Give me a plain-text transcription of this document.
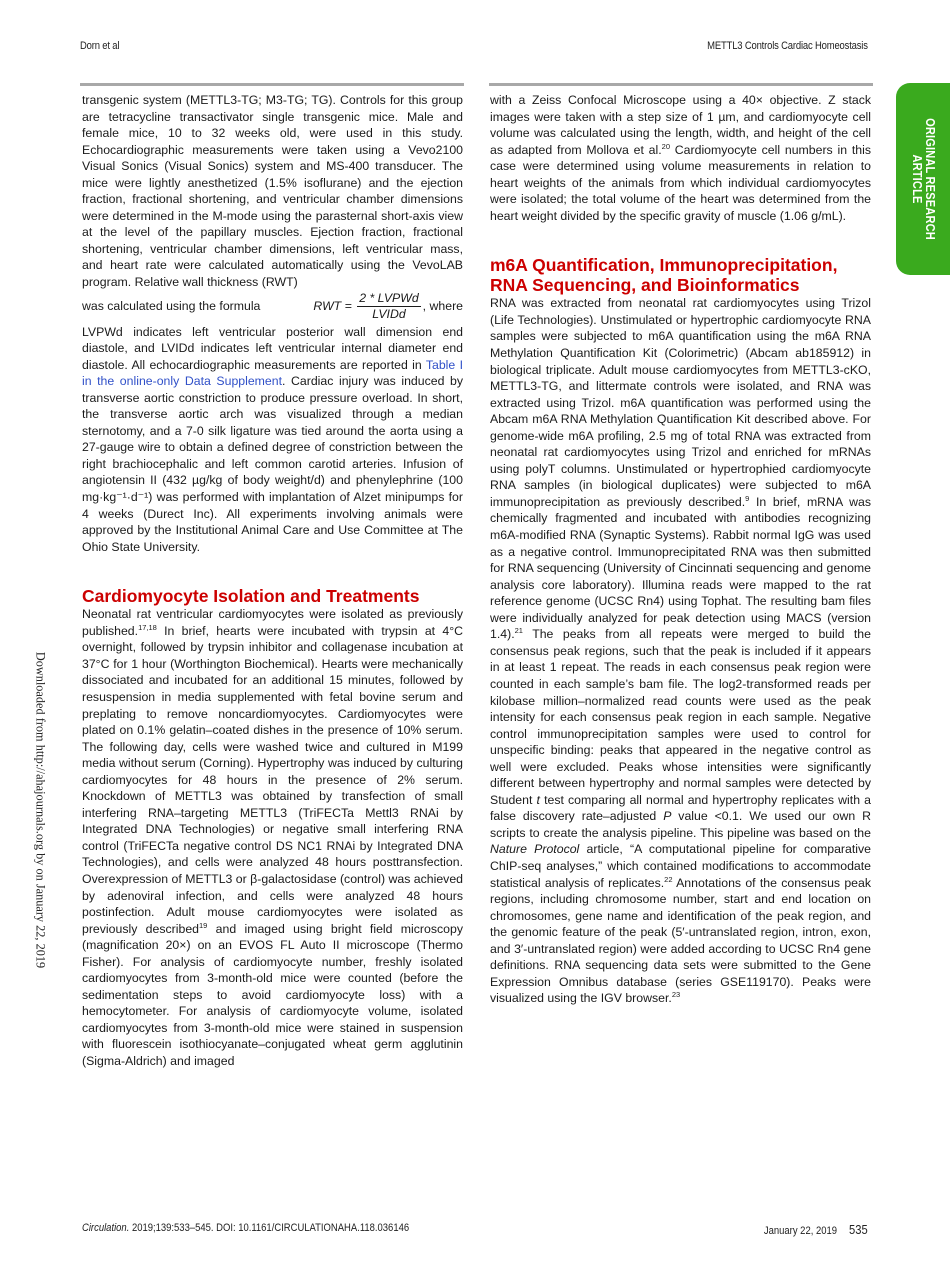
Dorn et al	METTL3 Controls Cardiac Homeostasis
ORIGINAL RESEARCH
ARTICLE
Downloaded from http://ahajournals.org by on January 22, 2019

transgenic system (METTL3-TG; M3-TG; TG). Controls for this group are tetracycline transactivator single transgenic mice. Male and female mice, 10 to 32 weeks old, were used in this study. Echocardiographic measurements were taken using a Vevo2100 Visual Sonics (Visual Sonics) system and MS-400 transducer. The mice were lightly anesthetized (1.5% isoflurane) and the ejection fraction, fractional shortening, and ventricular chamber dimensions were determined in the M-mode using the parasternal short-axis view at the level of the papillary muscles. Ejection fraction, fractional shortening, ventricular chamber dimensions, left ventricular mass, and heart rate were calculated automatically using the VevoLAB program. Relative wall thickness (RWT)

was calculated using the formula	RWT = $\frac{\text{2 * LVPWd}}{\text{LVIDd}}$ , where

LVPWd indicates left ventricular posterior wall dimension end diastole, and LVIDd indicates left ventricular internal diameter end diastole. All echocardiographic measurements are reported in Table I in the online-only Data Supplement. Cardiac injury was induced by transverse aortic constriction to produce pressure overload. In short, the transverse aortic arch was visualized through a median sternotomy, and a 7-0 silk ligature was tied around the aorta using a 27-gauge wire to obtain a defined degree of constriction between the right brachiocephalic and left common carotid arteries. Infusion of angiotensin II (432 µg/kg of body weight/d) and phenylephrine (100 mg·kg⁻¹·d⁻¹) was performed with implantation of Alzet minipumps for 4 weeks (Durect Inc). All experiments involving animals were approved by the Institutional Animal Care and Use Committee at The Ohio State University.

Cardiomyocyte Isolation and Treatments

Neonatal rat ventricular cardiomyocytes were isolated as previously published.$^{17,18}$ In brief, hearts were incubated with trypsin at 4°C overnight, followed by trypsin inhibitor and collagenase incubation at 37°C for 1 hour (Worthington Biochemical). Hearts were mechanically dissociated and incubated for an additional 15 minutes, followed by resuspension in media supplemented with fetal bovine serum and preplating to remove noncardiomyocytes. Cardiomyocytes were plated on 0.1% gelatin–coated dishes in the presence of 10% serum. The following day, cells were washed twice and cultured in M199 media without serum (Corning). Hypertrophy was induced by culturing cardiomyocytes for 48 hours in the presence of 2% serum. Knockdown of METTL3 was obtained by transfection of small interfering RNA–targeting METTL3 (TriFECTa Mettl3 RNAi by Integrated DNA Technologies) or negative small interfering RNA control (TriFECTa negative control DS NC1 RNAi by Integrated DNA Technologies), and cells were analyzed 48 hours posttransfection. Overexpression of METTL3 or β-galactosidase (control) was achieved by adenoviral infection, and cells were analyzed 48 hours postinfection. Adult mouse cardiomyocytes were isolated as previously described$^{19}$ and imaged using bright field microscopy (magnification 20×) on an EVOS FL Auto II microscope (Thermo Fisher). For analysis of cardiomyocyte number, freshly isolated cardiomyocytes from 3-month-old mice were counted (before the sedimentation steps to avoid cardiomyocyte loss) with a hemocytometer. For analysis of cardiomyocyte volume, isolated cardiomyocytes from 3-month-old mice were stained in suspension with fluorescein isothiocyanate–conjugated wheat germ agglutinin (Sigma-Aldrich) and imaged

with a Zeiss Confocal Microscope using a 40× objective. Z stack images were taken with a step size of 1 µm, and cardiomyocyte cell volume was calculated using the length, width, and height of the cell as adapted from Mollova et al.$^{20}$ Cardiomyocyte cell numbers in this case were determined using volume measurements in relation to heart weights of the animals from which individual cardiomyocytes were isolated; the total volume of the heart was determined from the heart weight divided by the specific gravity of muscle (1.06 g/mL).

m6A Quantification, Immunoprecipitation, RNA Sequencing, and Bioinformatics

RNA was extracted from neonatal rat cardiomyocytes using Trizol (Life Technologies). Unstimulated or hypertrophic cardiomyocyte RNA samples were subjected to m6A quantification using the m6A RNA Methylation Quantification Kit (Colorimetric) (Abcam ab185912) in biological triplicate. Adult mouse cardiomyocytes from METTL3-cKO, METTL3-TG, and littermate controls were isolated, and RNA was extracted using Trizol. m6A quantification was performed using the Abcam m6A RNA Methylation Quantification Kit described above. For genome-wide m6A profiling, 2.5 mg of total RNA was extracted from neonatal rat cardiomyocytes using Trizol and enriched for mRNAs using polyT columns. Unstimulated or hypertrophied cardiomyocyte RNA samples (in biological duplicates) were subjected to m6A immunoprecipitation as previously described.$^9$ In brief, mRNA was chemically fragmented and incubated with antibodies recognizing m6A-modified RNA (Synaptic Systems). Rabbit normal IgG was used as a negative control. Immunoprecipitated RNA was then submitted for RNA sequencing (University of Cincinnati sequencing and genome analysis core laboratory). Illumina reads were mapped to the rat reference genome (UCSC Rn4) using Tophat. The resulting bam files were individually analyzed for peak detection using MACS (version 1.4).$^{21}$ The peaks from all repeats were merged to build the consensus peak regions, such that the peak is included if it appears in at least 1 repeat. The reads in each consensus peak region were counted in each sample’s bam file. The log2-transformed reads per kilobase million–normalized read counts were used as the peak intensity for each consensus peak region in each sample. Negative control immunoprecipitation samples were used to control for unspecific binding: peaks that appeared in the negative control as well were excluded. Peaks whose intensities were significantly different between hypertrophy and normal samples were detected by Student t test comparing all normal and hypertrophy replicates with a false discovery rate–adjusted P value <0.1. We used our own R scripts to create the analysis pipeline. This pipeline was based on the Nature Protocol article, “A computational pipeline for comparative ChIP-seq analyses,” which contained modifications to accommodate statistical analysis of replicates.$^{22}$ Annotations of the consensus peak regions, including chromosome number, start and end location on chromosomes, gene name and identification of the peak region, and the genomic feature of the peak (5′-untranslated region, intron, exon, and 3′-untranslated region) were added according to UCSC Rn4 gene definitions. RNA sequencing data sets were submitted to the Gene Expression Omnibus database (series GSE119170). Peaks were visualized using the IGV browser.$^{23}$

Circulation. 2019;139:533–545. DOI: 10.1161/CIRCULATIONAHA.118.036146	January 22, 2019 535
